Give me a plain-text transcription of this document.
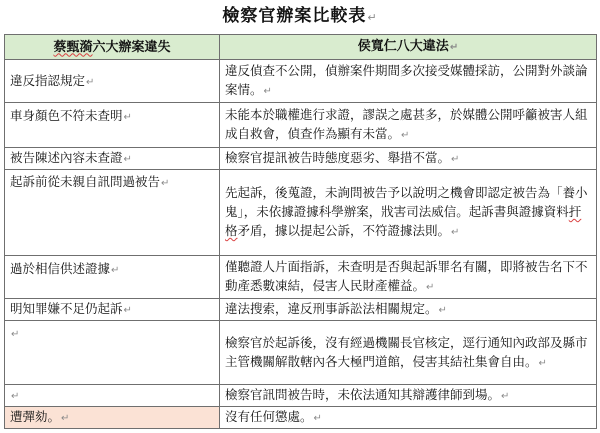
檢察官辦案比較表↵
蔡甄漪六大辦案違失	侯寬仁八大違法↵
違反指認規定↵	違反偵查不公開，偵辦案件期間多次接受媒體採訪，公開對外談論案情。↵
車身顏色不符未查明↵	未能本於職權進行求證，謬誤之處甚多，於媒體公開呼籲被害人組成自救會，偵查作為顯有未當。↵
被告陳述內容未查證↵	檢察官提訊被告時態度惡劣、舉措不當。↵
起訴前從未親自訊問過被告↵	先起訴，後蒐證，未詢問被告予以說明之機會即認定被告為「養小鬼」，未依據證據科學辦案，戕害司法威信。起訴書與證據資料扞格矛盾，據以提起公訴，不符證據法則。↵
過於相信供述證據↵	僅聽證人片面指訴，未查明是否與起訴罪名有關，即將被告名下不動產悉數凍結，侵害人民財產權益。↵
明知罪嫌不足仍起訴↵	違法搜索，違反刑事訴訟法相關規定。↵
↵	檢察官於起訴後，沒有經過機關長官核定，逕行通知內政部及縣市主管機關解散轄內各大極門道館，侵害其結社集會自由。↵
↵	檢察官訊問被告時，未依法通知其辯護律師到場。↵
遭彈劾。↵	沒有任何懲處。↵
